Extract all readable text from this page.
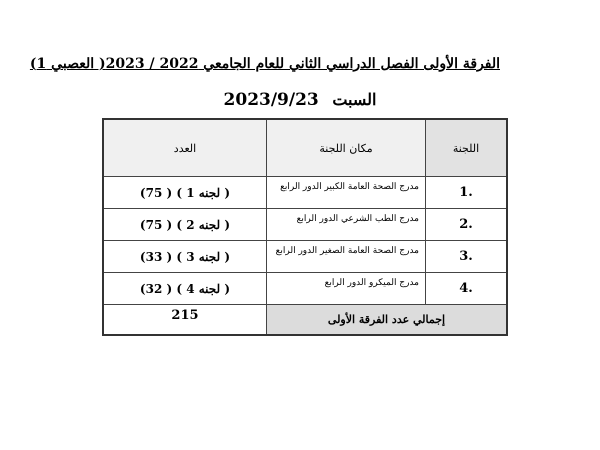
الفرقة الأولى الفصل الدراسي الثاني للعام الجامعي 2022 / 2023( العصبي 1)
السبت 2023/9/23
اللجنة	مكان اللجنة	العدد
.1	مدرج الصحة العامة الكبير الدور الرابع	( لجنه 1 ) ( 75)
.2	مدرج الطب الشرعي الدور الرابع	( لجنه 2 ) ( 75)
.3	مدرج الصحة العامة الصغير الدور الرابع	( لجنه 3 ) ( 33)
.4	مدرج الميكرو الدور الرابع	( لجنه 4 ) ( 32)
إجمالي عدد الفرقة الأولى		215
